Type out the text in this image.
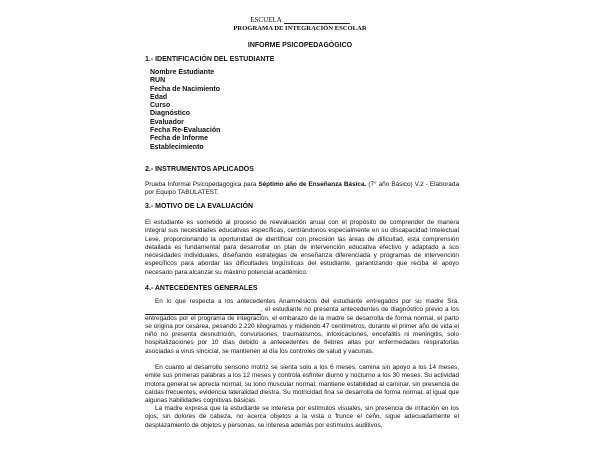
ESCUELA
PROGRAMA DE INTEGRACIÓN ESCOLAR
INFORME PSICOPEDAGÓGICO
1.- IDENTIFICACIÓN DEL ESTUDIANTE
Nombre Estudiante
RUN
Fecha de Nacimiento
Edad
Curso
Diagnóstico
Evaluador
Fecha Re-Evaluación
Fecha de Informe
Establecimiento
2.- INSTRUMENTOS APLICADOS

Prueba Informal Psicopedagógica para Séptimo año de Enseñanza Básica. (7° año Básico) V.2 - Elaborada por Equipo TABULATEST.

3.- MOTIVO DE LA EVALUACIÓN

El estudiante es sometido al proceso de reevaluación anual con el propósito de comprender de manera integral sus necesidades educativas específicas, centrándonos especialmente en su discapacidad Intelectual Leve, proporcionando la oportunidad de identificar con precisión las áreas de dificultad, esta comprensión detallada es fundamental para desarrollar un plan de intervención educativa efectivo y adaptado a sus necesidades individuales, diseñando estrategias de enseñanza diferenciada y programas de intervención específicos para abordar las dificultades lingüísticas del estudiante, garantizando que reciba el apoyo necesario para alcanzar su máximo potencial académico.

4.- ANTECEDENTES GENERALES

En lo que respecta a los antecedentes Anamnésicos del estudiante entregados por su madre Sra. , el estudiante no presenta antecedentes de diagnóstico previo a los entregados por el programa de integración, el embarazo de la madre se desarrolla de forma normal, el parto se origina por cesárea, pesando 2.220 kilogramos y midiendo 47 centímetros, durante el primer año de vida el niño no presenta desnutrición, convulsiones, traumatismos, intoxicaciones, encefalitis ni meningitis, solo hospitalizaciones por 10 días debido a antecedentes de fiebres altas por enfermedades respiratorias asociadas a virus sincicial, se mantienen al día los controles de salud y vacunas.

En cuanto al desarrollo sensorio motriz se sienta solo a los 6 meses, camina sin apoyo a los 14 meses, emite sus primeras palabras a los 12 meses y controla esfínter diurno y nocturno a los 30 meses. Su actividad motora general se aprecia normal, su tono muscular normal, mantiene estabilidad al caminar, sin presencia de caídas frecuentes, evidencia lateralidad diestra. Su motricidad fina se desarrolla de forma normal, al igual que algunas habilidades cognitivas básicas.

La madre expresa que la estudiante se interesa por estímulos visuales, sin presencia de irritación en los ojos, sin dolores de cabeza, no acerca objetos a la vista o frunce el ceño, sigue adecuadamente el desplazamiento de objetos y personas, se interesa además por estímulos auditivos,
